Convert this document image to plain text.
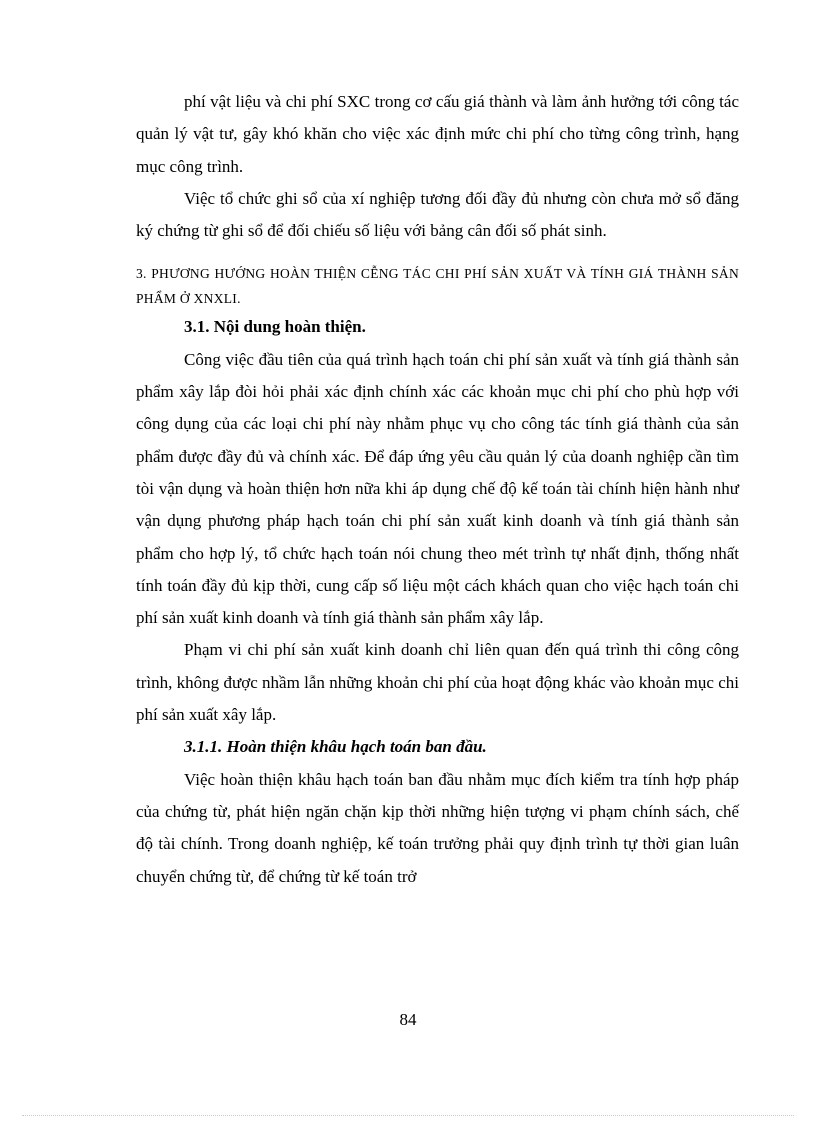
phí vật liệu và chi phí SXC trong cơ cấu giá thành và làm ảnh hưởng tới công tác quản lý vật tư, gây khó khăn cho việc xác định mức chi phí cho từng công trình, hạng mục công trình.

Việc tổ chức ghi sổ của xí nghiệp tương đối đầy đủ nhưng còn chưa mở sổ đăng ký chứng từ ghi sổ để đối chiếu số liệu với bảng cân đối số phát sinh.

3. PHƯƠNG HƯỚNG HOÀN THIỆN CỄNG TÁC CHI PHÍ SẢN XUẤT VÀ TÍNH GIÁ THÀNH SẢN PHẨM Ở XNXLI.

3.1. Nội dung hoàn thiện.

Công việc đầu tiên của quá trình hạch toán chi phí sản xuất và tính giá thành sản phẩm xây lắp đòi hỏi phải xác định chính xác các khoản mục chi phí cho phù hợp với công dụng của các loại chi phí này nhằm phục vụ cho công tác tính giá thành của sản phẩm được đầy đủ và chính xác. Để đáp ứng yêu cầu quản lý của doanh nghiệp cần tìm tòi vận dụng và hoàn thiện hơn nữa khi áp dụng chế độ kế toán tài chính hiện hành như vận dụng phương pháp hạch toán chi phí sản xuất kinh doanh và tính giá thành sản phẩm cho hợp lý, tổ chức hạch toán nói chung theo mét trình tự nhất định, thống nhất tính toán đầy đủ kịp thời, cung cấp số liệu một cách khách quan cho việc hạch toán chi phí sản xuất kinh doanh và tính giá thành sản phẩm xây lắp.

Phạm vi chi phí sản xuất kinh doanh chỉ liên quan đến quá trình thi công công trình, không được nhầm lẫn những khoản chi phí của hoạt động khác vào khoản mục chi phí sản xuất xây lắp.

3.1.1. Hoàn thiện khâu hạch toán ban đầu.

Việc hoàn thiện khâu hạch toán ban đầu nhằm mục đích kiểm tra tính hợp pháp của chứng từ, phát hiện ngăn chặn kịp thời những hiện tượng vi phạm chính sách, chế độ tài chính. Trong doanh nghiệp, kế toán trưởng phải quy định trình tự thời gian luân chuyển chứng từ, để chứng từ kế toán trở

84
